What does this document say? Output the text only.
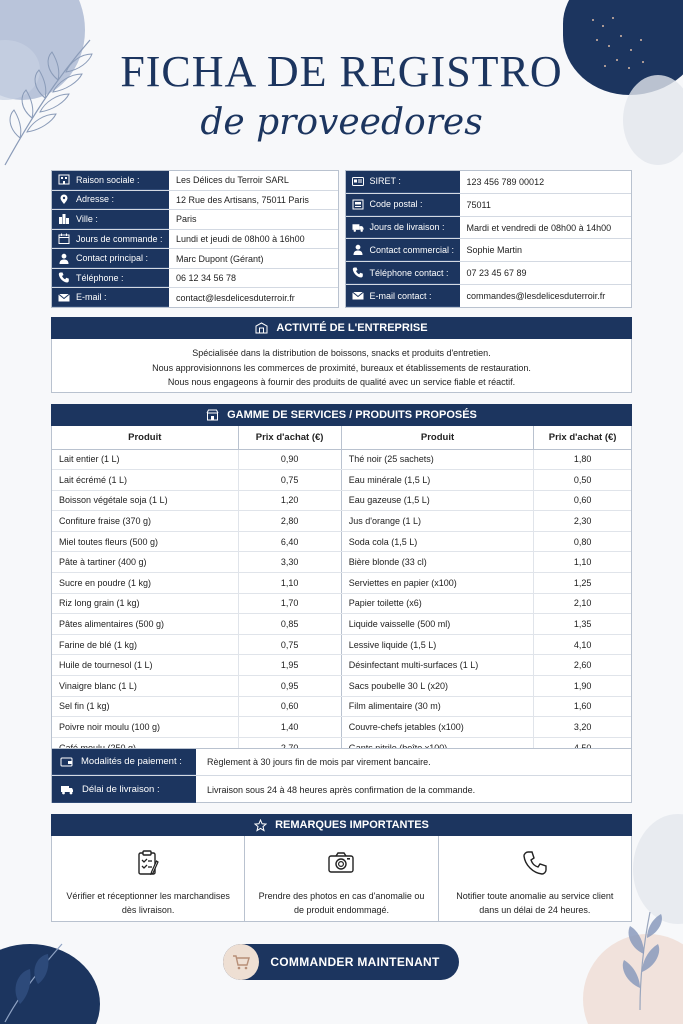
FICHA DE REGISTRO
de proveedores
Raison sociale :	Les Délices du Terroir SARL
Adresse :	12 Rue des Artisans, 75011 Paris
Ville :	Paris
Jours de commande :	Lundi et jeudi de 08h00 à 16h00
Contact principal :	Marc Dupont (Gérant)
Téléphone :	06 12 34 56 78
E-mail :	contact@lesdelicesduterroir.fr
SIRET :	123 456 789 00012
Code postal :	75011
Jours de livraison :	Mardi et vendredi de 08h00 à 14h00
Contact commercial :	Sophie Martin
Téléphone contact :	07 23 45 67 89
E-mail contact :	commandes@lesdelicesduterroir.fr
ACTIVITÉ DE L'ENTREPRISE
Spécialisée dans la distribution de boissons, snacks et produits d'entretien.
Nous approvisionnons les commerces de proximité, bureaux et établissements de restauration.
Nous nous engageons à fournir des produits de qualité avec un service fiable et réactif.
GAMME DE SERVICES / PRODUITS PROPOSÉS
Produit	Prix d'achat (€)
Lait entier (1 L)	0,90
Lait écrémé (1 L)	0,75
Boisson végétale soja (1 L)	1,20
Confiture fraise (370 g)	2,80
Miel toutes fleurs (500 g)	6,40
Pâte à tartiner (400 g)	3,30
Sucre en poudre (1 kg)	1,10
Riz long grain (1 kg)	1,70
Pâtes alimentaires (500 g)	0,85
Farine de blé (1 kg)	0,75
Huile de tournesol (1 L)	1,95
Vinaigre blanc (1 L)	0,95
Sel fin (1 kg)	0,60
Poivre noir moulu (100 g)	1,40

Produit	Prix d'achat (€)
Thé noir (25 sachets)	1,80
Eau minérale (1,5 L)	0,50
Eau gazeuse (1,5 L)	0,60
Jus d'orange (1 L)	2,30
Soda cola (1,5 L)	0,80
Bière blonde (33 cl)	1,10
Serviettes en papier (x100)	1,25
Papier toilette (x6)	2,10
Liquide vaisselle (500 ml)	1,35
Lessive liquide (1,5 L)	4,10
Désinfectant multi-surfaces (1 L)	2,60
Sacs poubelle 30 L (x20)	1,90
Film alimentaire (30 m)	1,60
Couvre-chefs jetables (x100)	3,20

Modalités de paiement :	Règlement à 30 jours fin de mois par virement bancaire.
Délai de livraison :	Livraison sous 24 à 48 heures après confirmation de la commande.
REMARQUES IMPORTANTES
Vérifier et réceptionner les marchandises dès livraison.
Prendre des photos en cas d'anomalie ou de produit endommagé.
Notifier toute anomalie au service client dans un délai de 24 heures.
COMMANDER MAINTENANT
